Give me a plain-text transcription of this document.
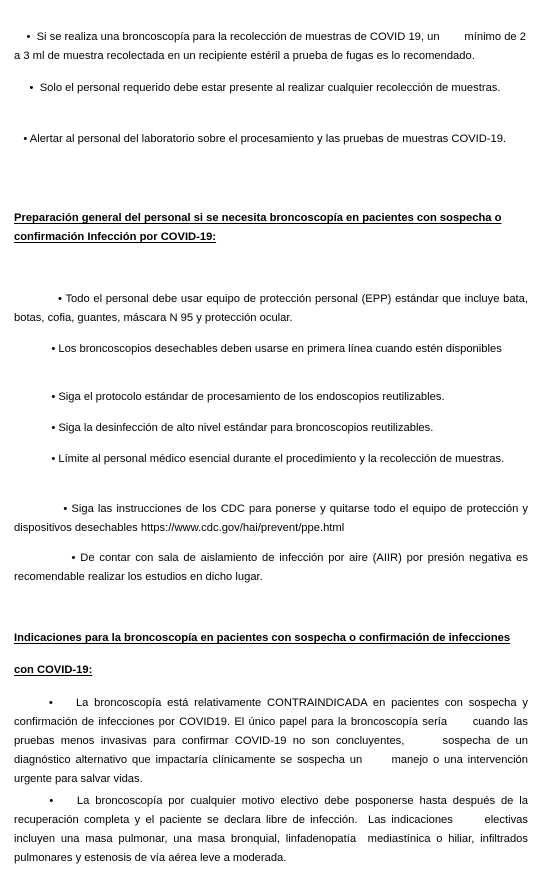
• Si se realiza una broncoscopía para la recolección de muestras de COVID 19, un mínimo de 2 a 3 ml de muestra recolectada en un recipiente estéril a prueba de fugas es lo recomendado.

• Solo el personal requerido debe estar presente al realizar cualquier recolección de muestras.

• Alertar al personal del laboratorio sobre el procesamiento y las pruebas de muestras COVID-19.

Preparación general del personal si se necesita broncoscopía en pacientes con sospecha o confirmación Infección por COVID-19:

• Todo el personal debe usar equipo de protección personal (EPP) estándar que incluye bata, botas, cofia, guantes, máscara N 95 y protección ocular.

• Los broncoscopios desechables deben usarse en primera línea cuando estén disponibles

• Siga el protocolo estándar de procesamiento de los endoscopios reutilizables.

• Siga la desinfección de alto nivel estándar para broncoscopios reutilizables.

• Límite al personal médico esencial durante el procedimiento y la recolección de muestras.

• Siga las instrucciones de los CDC para ponerse y quitarse todo el equipo de protección y dispositivos desechables https://www.cdc.gov/hai/prevent/ppe.html

• De contar con sala de aislamiento de infección por aire (AIIR) por presión negativa es recomendable realizar los estudios en dicho lugar.

Indicaciones para la broncoscopía en pacientes con sospecha o confirmación de infecciones

con COVID-19:

• La broncoscopía está relativamente CONTRAINDICADA en pacientes con sospecha y confirmación de infecciones por COVID19. El único papel para la broncoscopía sería      cuando las pruebas menos invasivas para confirmar COVID-19 no son concluyentes,      sospecha de un diagnóstico alternativo que impactaría clínicamente se sospecha un      manejo o una intervención urgente para salvar vidas.

• La broncoscopía por cualquier motivo electivo debe posponerse hasta después de la recuperación completa y el paciente se declara libre de infección.  Las indicaciones      electivas incluyen una masa pulmonar, una masa bronquial, linfadenopatía  mediastínica o hiliar, infiltrados pulmonares y estenosis de vía aérea leve a moderada.
